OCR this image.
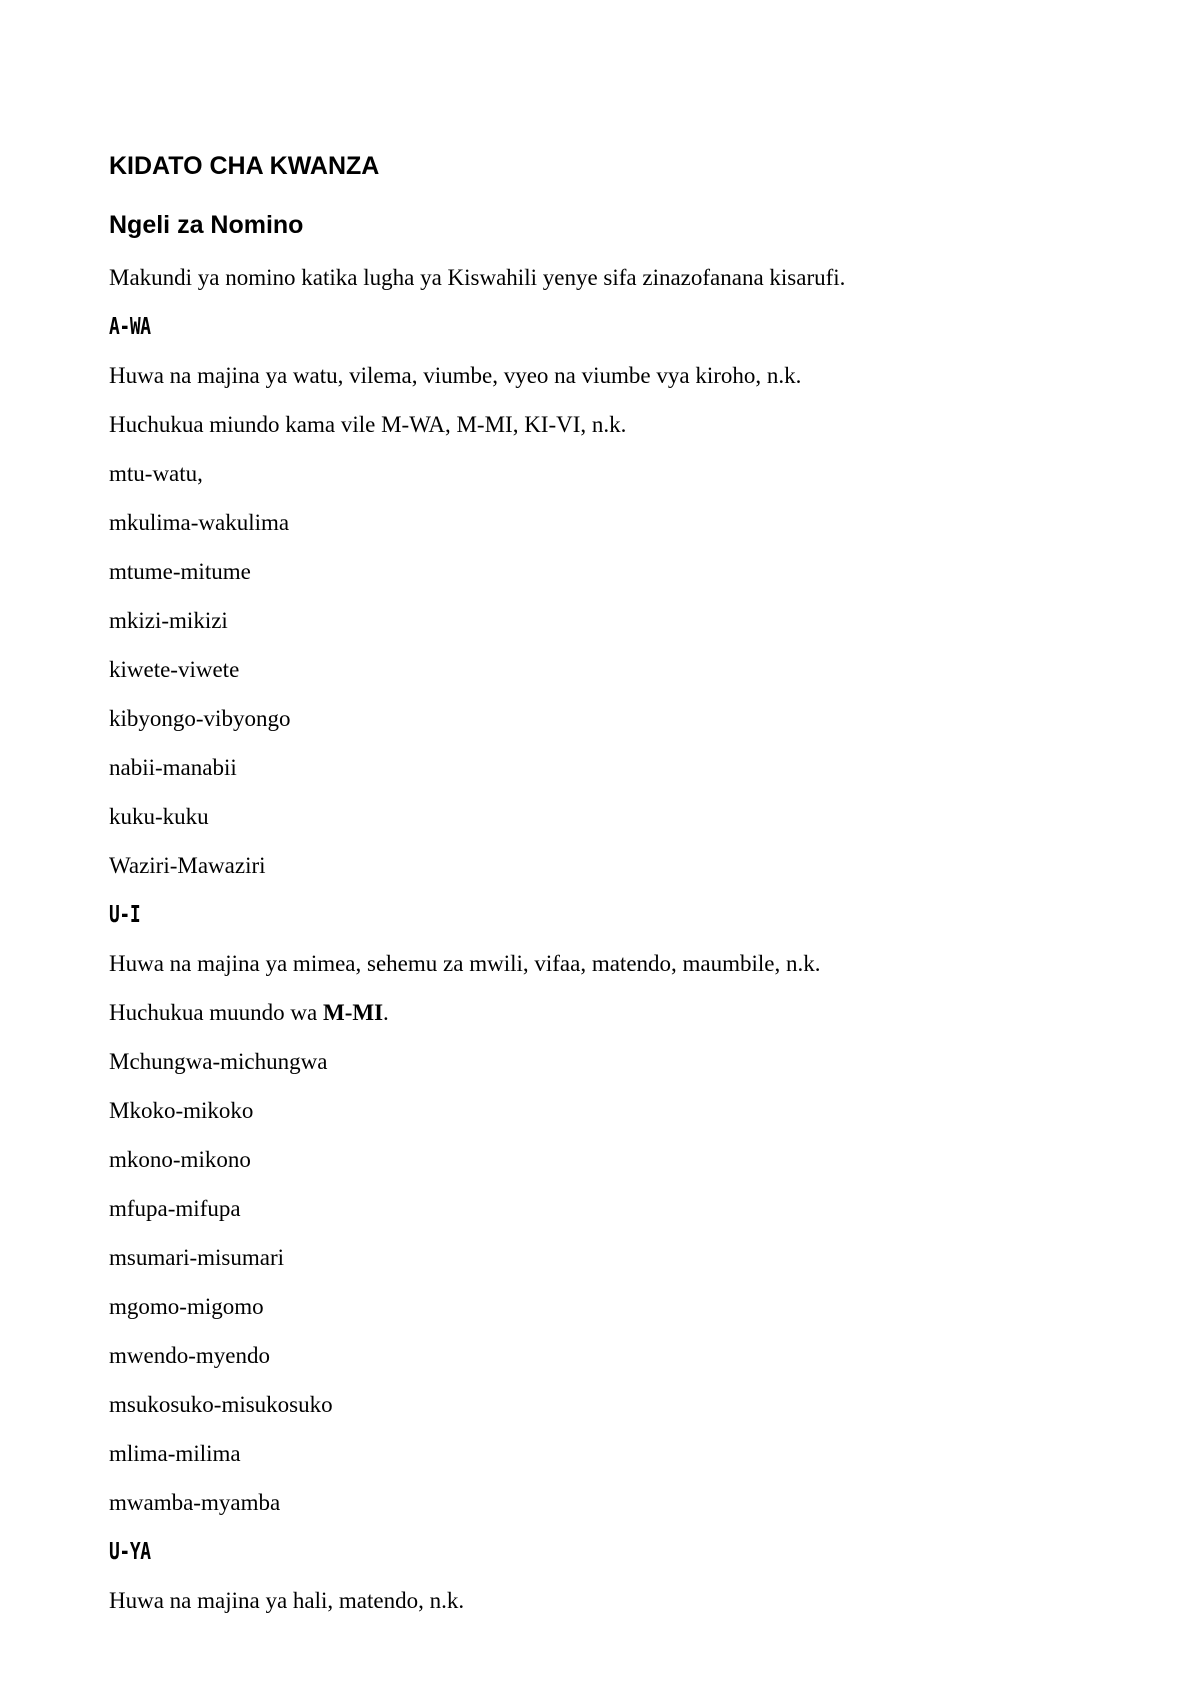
KIDATO CHA KWANZA
Ngeli za Nomino
Makundi ya nomino katika lugha ya Kiswahili yenye sifa zinazofanana kisarufi.
A-WA
Huwa na majina ya watu, vilema, viumbe, vyeo na viumbe vya kiroho, n.k.
Huchukua miundo kama vile M-WA, M-MI, KI-VI, n.k.
mtu-watu,
mkulima-wakulima
mtume-mitume
mkizi-mikizi
kiwete-viwete
kibyongo-vibyongo
nabii-manabii
kuku-kuku
Waziri-Mawaziri
U-I
Huwa na majina ya mimea, sehemu za mwili, vifaa, matendo, maumbile, n.k.
Huchukua muundo wa M-MI.
Mchungwa-michungwa
Mkoko-mikoko
mkono-mikono
mfupa-mifupa
msumari-misumari
mgomo-migomo
mwendo-myendo
msukosuko-misukosuko
mlima-milima
mwamba-myamba
U-YA
Huwa na majina ya hali, matendo, n.k.
